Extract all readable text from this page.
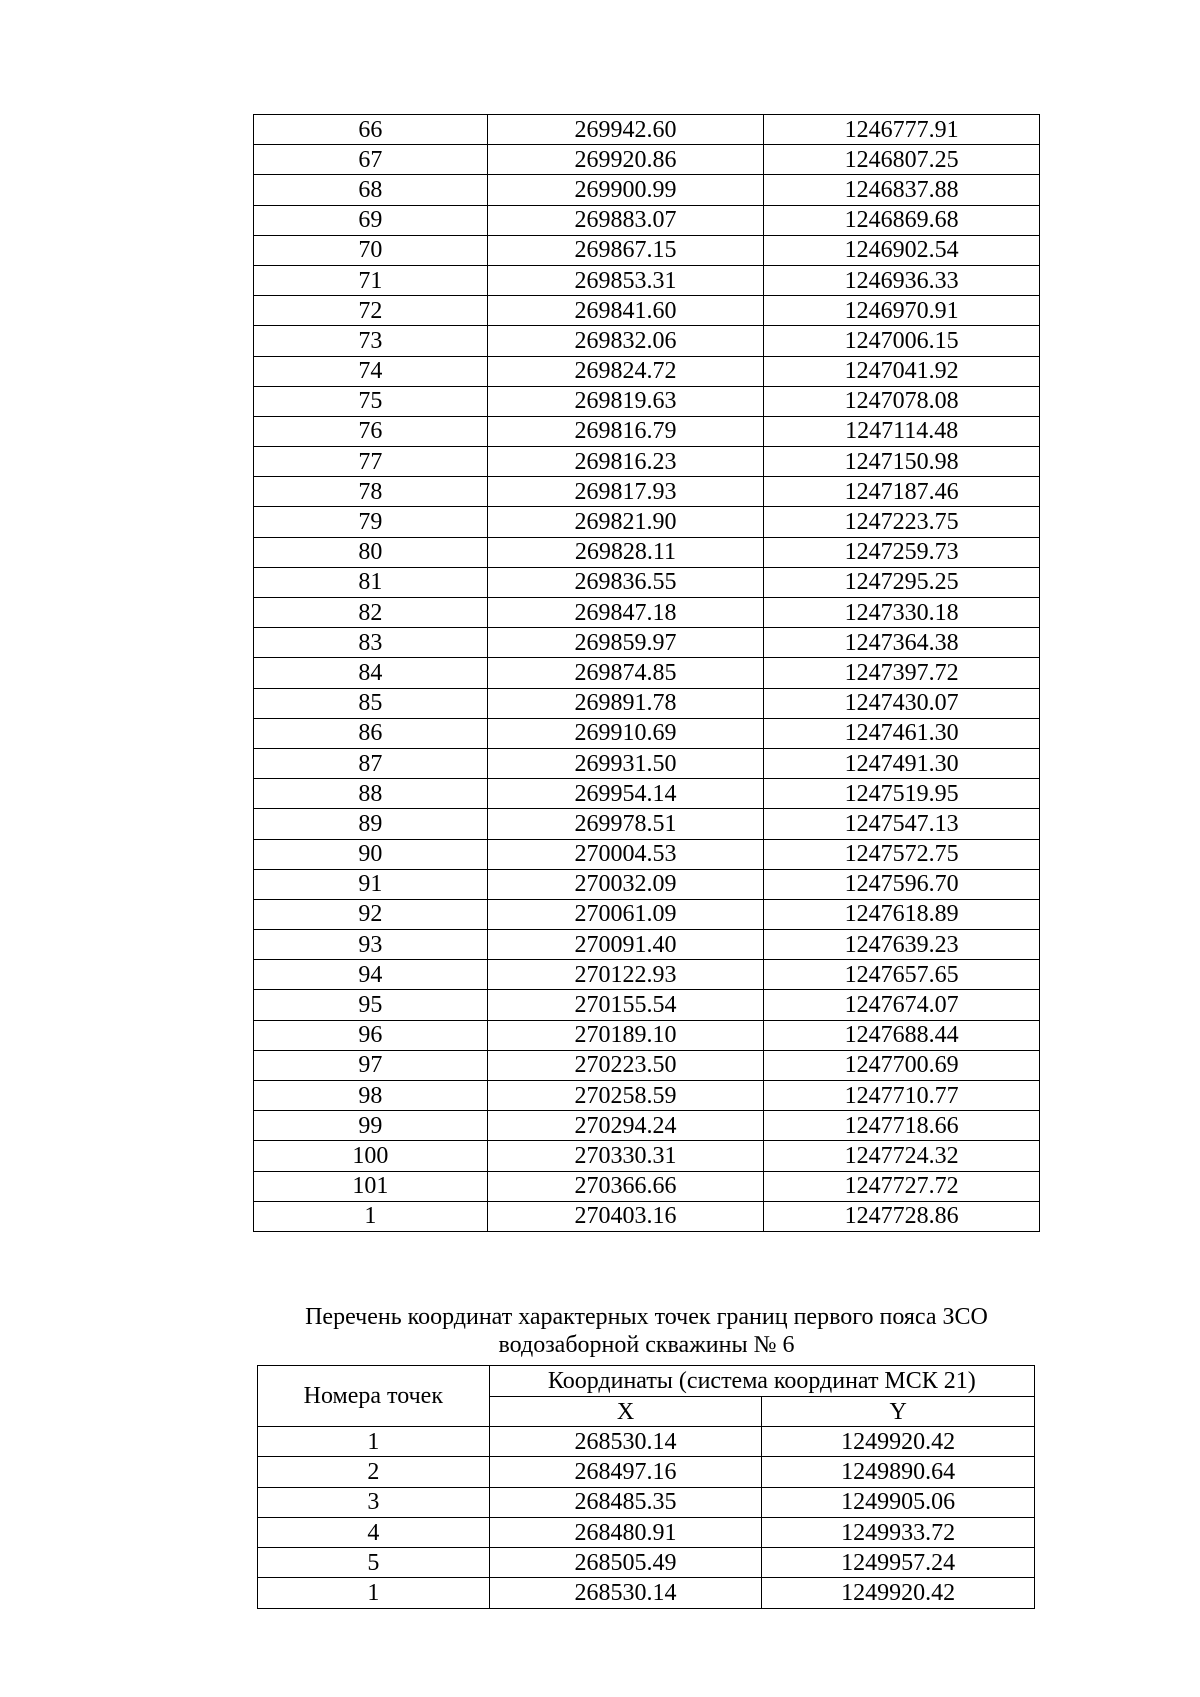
66	269942.60	1246777.91
67	269920.86	1246807.25
68	269900.99	1246837.88
69	269883.07	1246869.68
70	269867.15	1246902.54
71	269853.31	1246936.33
72	269841.60	1246970.91
73	269832.06	1247006.15
74	269824.72	1247041.92
75	269819.63	1247078.08
76	269816.79	1247114.48
77	269816.23	1247150.98
78	269817.93	1247187.46
79	269821.90	1247223.75
80	269828.11	1247259.73
81	269836.55	1247295.25
82	269847.18	1247330.18
83	269859.97	1247364.38
84	269874.85	1247397.72
85	269891.78	1247430.07
86	269910.69	1247461.30
87	269931.50	1247491.30
88	269954.14	1247519.95
89	269978.51	1247547.13
90	270004.53	1247572.75
91	270032.09	1247596.70
92	270061.09	1247618.89
93	270091.40	1247639.23
94	270122.93	1247657.65
95	270155.54	1247674.07
96	270189.10	1247688.44
97	270223.50	1247700.69
98	270258.59	1247710.77
99	270294.24	1247718.66
100	270330.31	1247724.32
101	270366.66	1247727.72
1	270403.16	1247728.86
Перечень координат характерных точек границ первого пояса ЗСО
водозаборной скважины № 6
Номера точек	Координаты (система координат МСК 21)	
	X	Y
1	268530.14	1249920.42
2	268497.16	1249890.64
3	268485.35	1249905.06
4	268480.91	1249933.72
5	268505.49	1249957.24
1	268530.14	1249920.42
